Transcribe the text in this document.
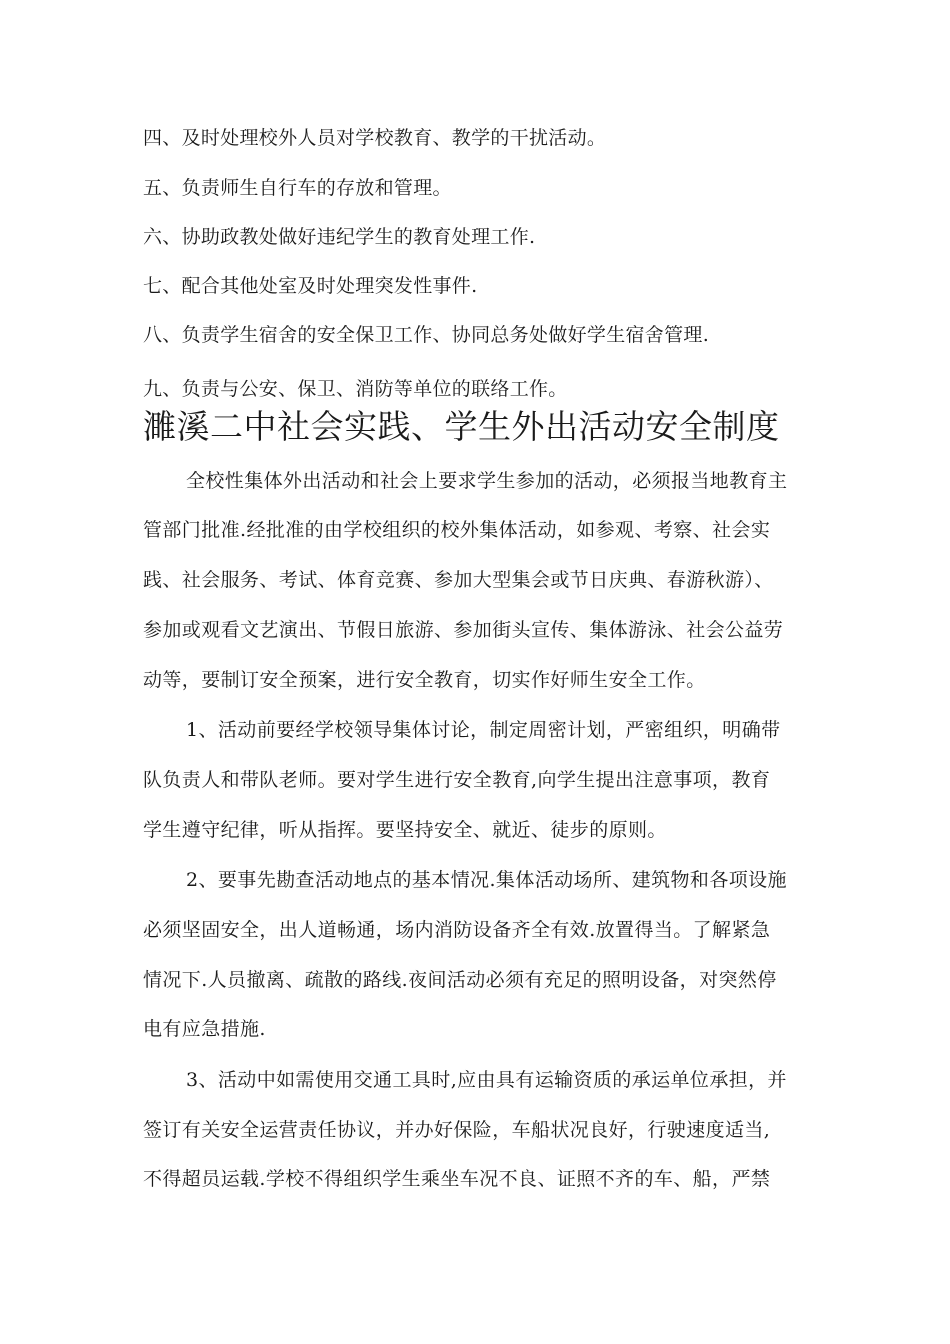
四、及时处理校外人员对学校教育、教学的干扰活动。
五、负责师生自行车的存放和管理。
六、协助政教处做好违纪学生的教育处理工作.
七、配合其他处室及时处理突发性事件.
八、负责学生宿舍的安全保卫工作、协同总务处做好学生宿舍管理.
九、负责与公安、保卫、消防等单位的联络工作。
濉溪二中社会实践、学生外出活动安全制度
全校性集体外出活动和社会上要求学生参加的活动，必须报当地教育主
管部门批准.经批准的由学校组织的校外集体活动，如参观、考察、社会实
践、社会服务、考试、体育竞赛、参加大型集会或节日庆典、春游秋游）、
参加或观看文艺演出、节假日旅游、参加街头宣传、集体游泳、社会公益劳
动等，要制订安全预案，进行安全教育，切实作好师生安全工作。
1、活动前要经学校领导集体讨论，制定周密计划，严密组织，明确带
队负责人和带队老师。要对学生进行安全教育,向学生提出注意事项，教育
学生遵守纪律，听从指挥。要坚持安全、就近、徒步的原则。
2、要事先勘查活动地点的基本情况.集体活动场所、建筑物和各项设施
必须坚固安全，出人道畅通，场内消防设备齐全有效.放置得当。了解紧急
情况下.人员撤离、疏散的路线.夜间活动必须有充足的照明设备，对突然停
电有应急措施.
3、活动中如需使用交通工具时,应由具有运输资质的承运单位承担，并
签订有关安全运营责任协议，并办好保险，车船状况良好，行驶速度适当,
不得超员运载.学校不得组织学生乘坐车况不良、证照不齐的车、船，严禁
